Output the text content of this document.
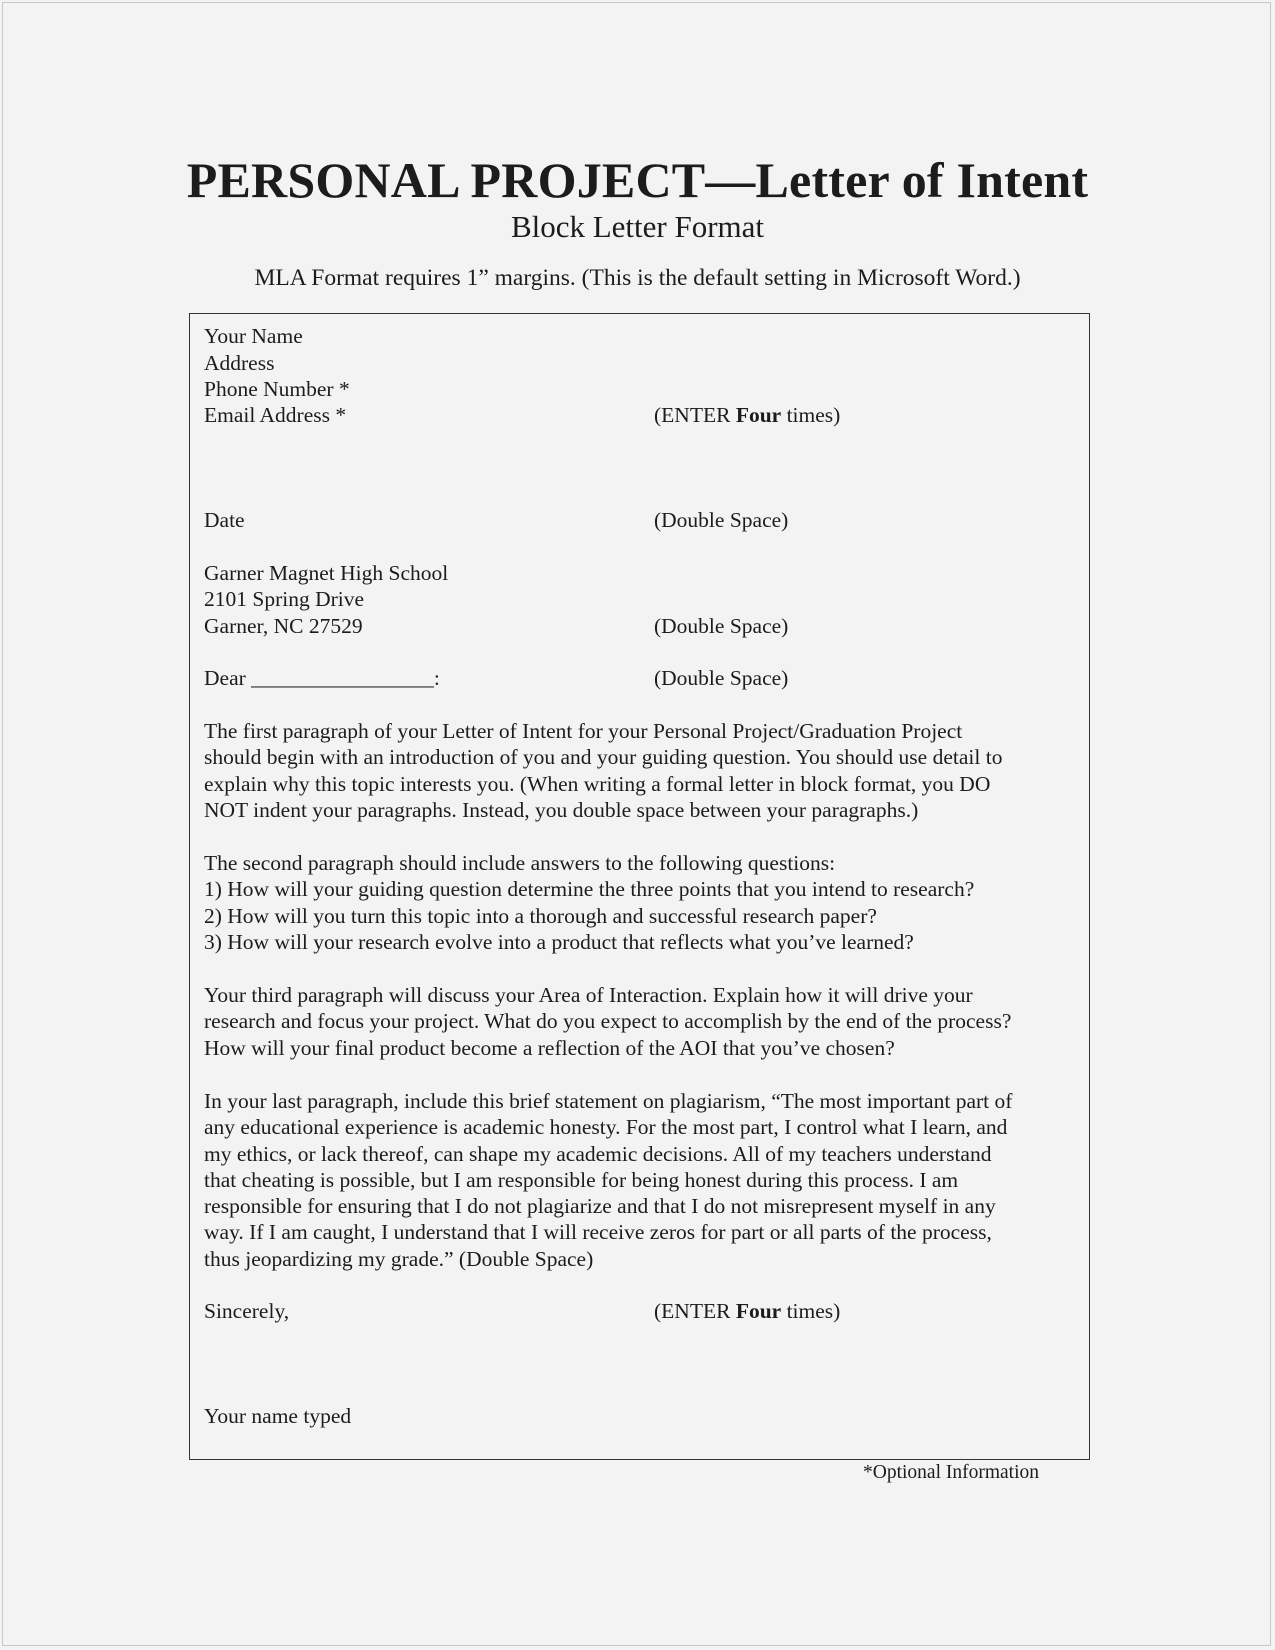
PERSONAL PROJECT—Letter of Intent
Block Letter Format
MLA Format requires 1” margins. (This is the default setting in Microsoft Word.)
Your Name
Address
Phone Number *
Email Address *	(ENTER Four times)
Date	(Double Space)
Garner Magnet High School
2101 Spring Drive
Garner, NC 27529	(Double Space)
Dear _________________:	(Double Space)
The first paragraph of your Letter of Intent for your Personal Project/Graduation Project
should begin with an introduction of you and your guiding question. You should use detail to
explain why this topic interests you. (When writing a formal letter in block format, you DO
NOT indent your paragraphs. Instead, you double space between your paragraphs.)
The second paragraph should include answers to the following questions:
1) How will your guiding question determine the three points that you intend to research?
2) How will you turn this topic into a thorough and successful research paper?
3) How will your research evolve into a product that reflects what you’ve learned?
Your third paragraph will discuss your Area of Interaction. Explain how it will drive your
research and focus your project. What do you expect to accomplish by the end of the process?
How will your final product become a reflection of the AOI that you’ve chosen?
In your last paragraph, include this brief statement on plagiarism, “The most important part of
any educational experience is academic honesty. For the most part, I control what I learn, and
my ethics, or lack thereof, can shape my academic decisions. All of my teachers understand
that cheating is possible, but I am responsible for being honest during this process. I am
responsible for ensuring that I do not plagiarize and that I do not misrepresent myself in any
way. If I am caught, I understand that I will receive zeros for part or all parts of the process,
thus jeopardizing my grade.” (Double Space)
Sincerely,	(ENTER Four times)
Your name typed
*Optional Information
